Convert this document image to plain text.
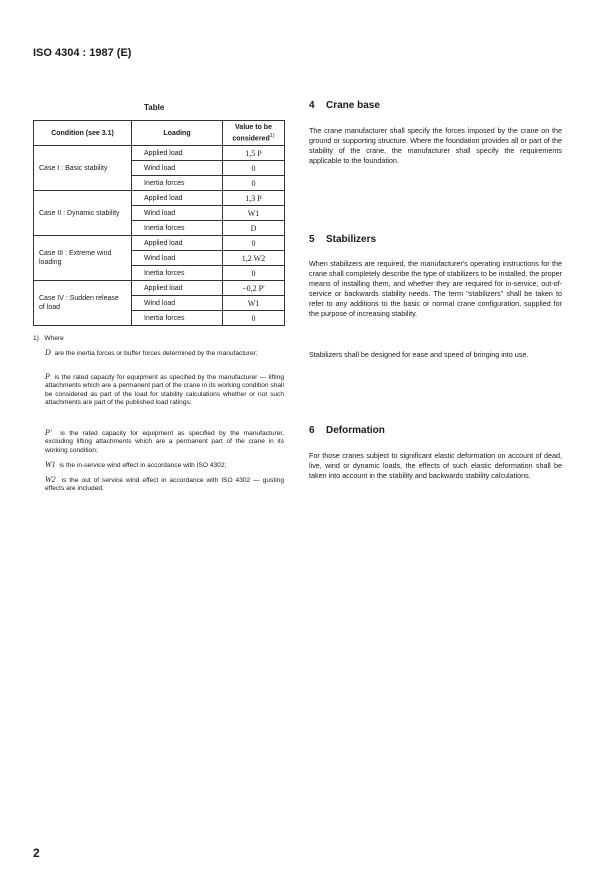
ISO 4304 : 1987 (E)
Table
Condition (see 3.1)	Loading	Value to be considered$^{1)}$
Case I : Basic stability	Applied load	1,5 P
	Wind load	0
	Inertia forces	0
Case II : Dynamic stability	Applied load	1,3 P
	Wind load	W1
	Inertia forces	D
Case III : Extreme wind loading	Applied load	0
	Wind load	1,2 W2
	Inertia forces	0
Case IV : Sudden release of load	Applied load	−0,2 P′
	Wind load	W1
	Inertia forces	0
1) Where
D are the inertia forces or buffer forces determined by the manufacturer;
P is the rated capacity for equipment as specified by the manufacturer — lifting attachments which are a permanent part of the crane in its working condition shall be considered as part of the load for stability calculations whether or not such attachments are part of the published load ratings;
P′ is the rated capacity for equipment as specified by the manufacturer, excluding lifting attachments which are a permanent part of the crane in its working condition;
W1 is the in-service wind effect in accordance with ISO 4302;
W2 is the out of service wind effect in accordance with ISO 4302 — gusting effects are included.
4 Crane base
The crane manufacturer shall specify the forces imposed by the crane on the ground or supporting structure. Where the foundation provides all or part of the stability of the crane, the manufacturer shall specify the requirements applicable to the foundation.
5 Stabilizers
When stabilizers are required, the manufacturer's operating instructions for the crane shall completely describe the type of stabilizers to be installed, the proper means of installing them, and whether they are required for in-service, out-of-service or backwards stability needs. The term "stabilizers" shall be taken to refer to any additions to the basic or normal crane configuration, supplied for the purpose of increasing stability.
Stabilizers shall be designed for ease and speed of bringing into use.
6 Deformation
For those cranes subject to significant elastic deformation on account of dead, live, wind or dynamic loads, the effects of such elastic deformation shall be taken into account in the stability and backwards stability calculations.
2
